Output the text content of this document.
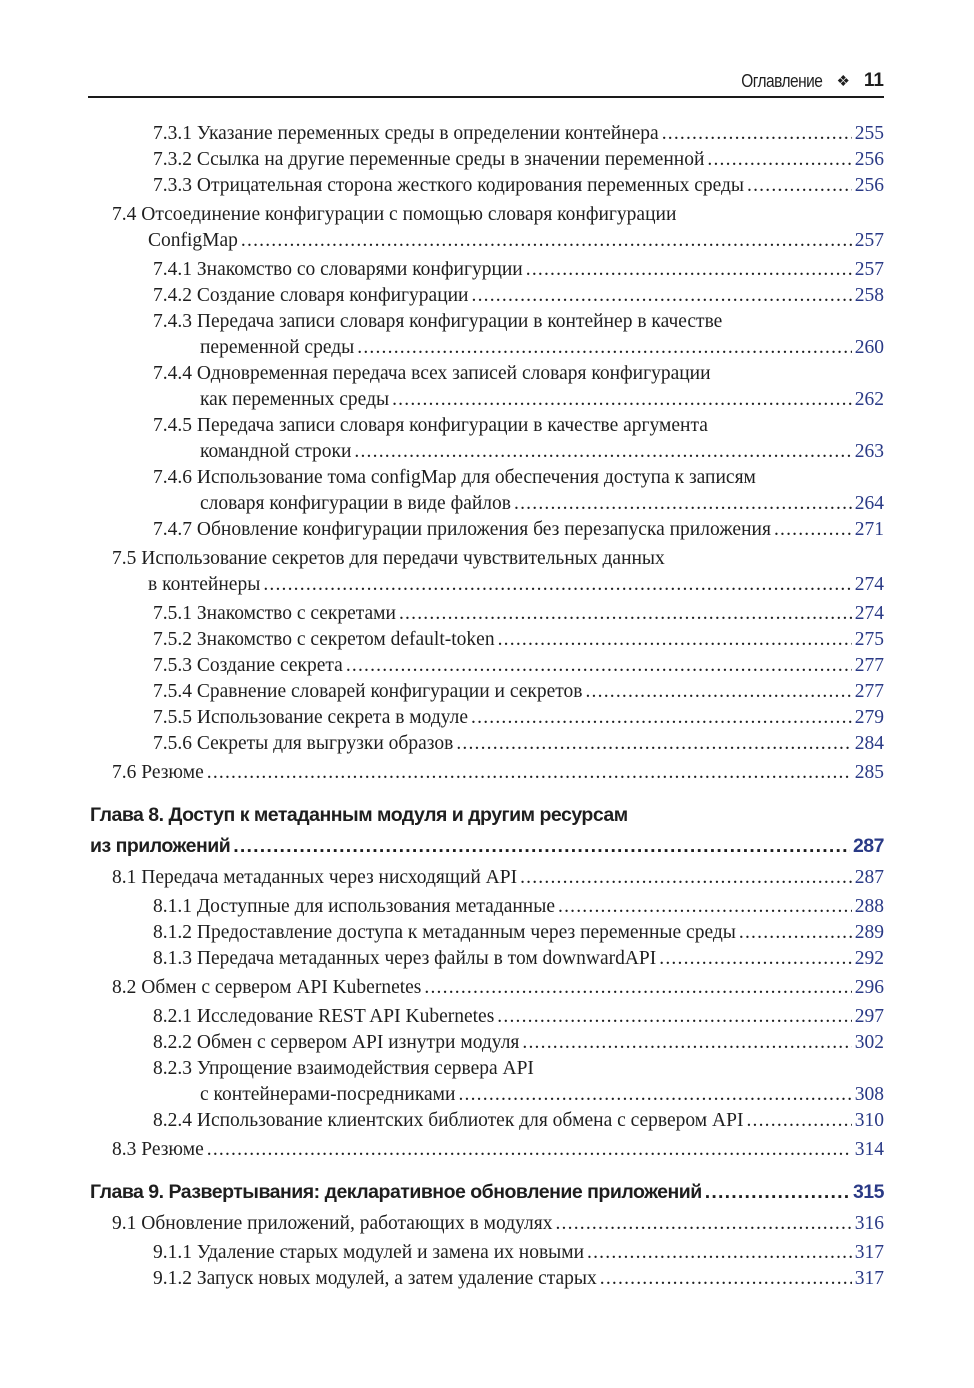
Оглавление ❖ 11
7.3.1 Указание переменных среды в определении контейнера .....	255
7.3.2 Ссылка на другие переменные среды в значении переменной .....	256
7.3.3 Отрицательная сторона жесткого кодирования переменных среды .....	256
7.4 Отсоединение конфигурации с помощью словаря конфигурации
ConfigMap .....	257
7.4.1 Знакомство со словарями конфигурции .....	257
7.4.2 Создание словаря конфигурации .....	258
7.4.3 Передача записи словаря конфигурации в контейнер в качестве
переменной среды .....	260
7.4.4 Одновременная передача всех записей словаря конфигурации
как переменных среды .....	262
7.4.5 Передача записи словаря конфигурации в качестве аргумента
командной строки .....	263
7.4.6 Использование тома configMap для обеспечения доступа к записям
словаря конфигурации в виде файлов .....	264
7.4.7 Обновление конфигурации приложения без перезапуска приложения .....	271
7.5 Использование секретов для передачи чувствительных данных
в контейнеры .....	274
7.5.1 Знакомство с секретами .....	274
7.5.2 Знакомство с секретом default-token .....	275
7.5.3 Создание секрета .....	277
7.5.4 Сравнение словарей конфигурации и секретов .....	277
7.5.5 Использование секрета в модуле .....	279
7.5.6 Секреты для выгрузки образов .....	284
7.6 Резюме .....	285
Глава 8. Доступ к метаданным модуля и другим ресурсам
из приложений .....	287
8.1 Передача метаданных через нисходящий API .....	287
8.1.1 Доступные для использования метаданные .....	288
8.1.2 Предоставление доступа к метаданным через переменные среды .....	289
8.1.3 Передача метаданных через файлы в том downwardAPI .....	292
8.2 Обмен с сервером API Kubernetes .....	296
8.2.1 Исследование REST API Kubernetes .....	297
8.2.2 Обмен с сервером API изнутри модуля .....	302
8.2.3 Упрощение взаимодействия сервера API
с контейнерами-посредниками .....	308
8.2.4 Использование клиентских библиотек для обмена с сервером API .....	310
8.3 Резюме .....	314
Глава 9. Развертывания: декларативное обновление приложений .....	315
9.1 Обновление приложений, работающих в модулях .....	316
9.1.1 Удаление старых модулей и замена их новыми .....	317
9.1.2 Запуск новых модулей, а затем удаление старых .....	317
